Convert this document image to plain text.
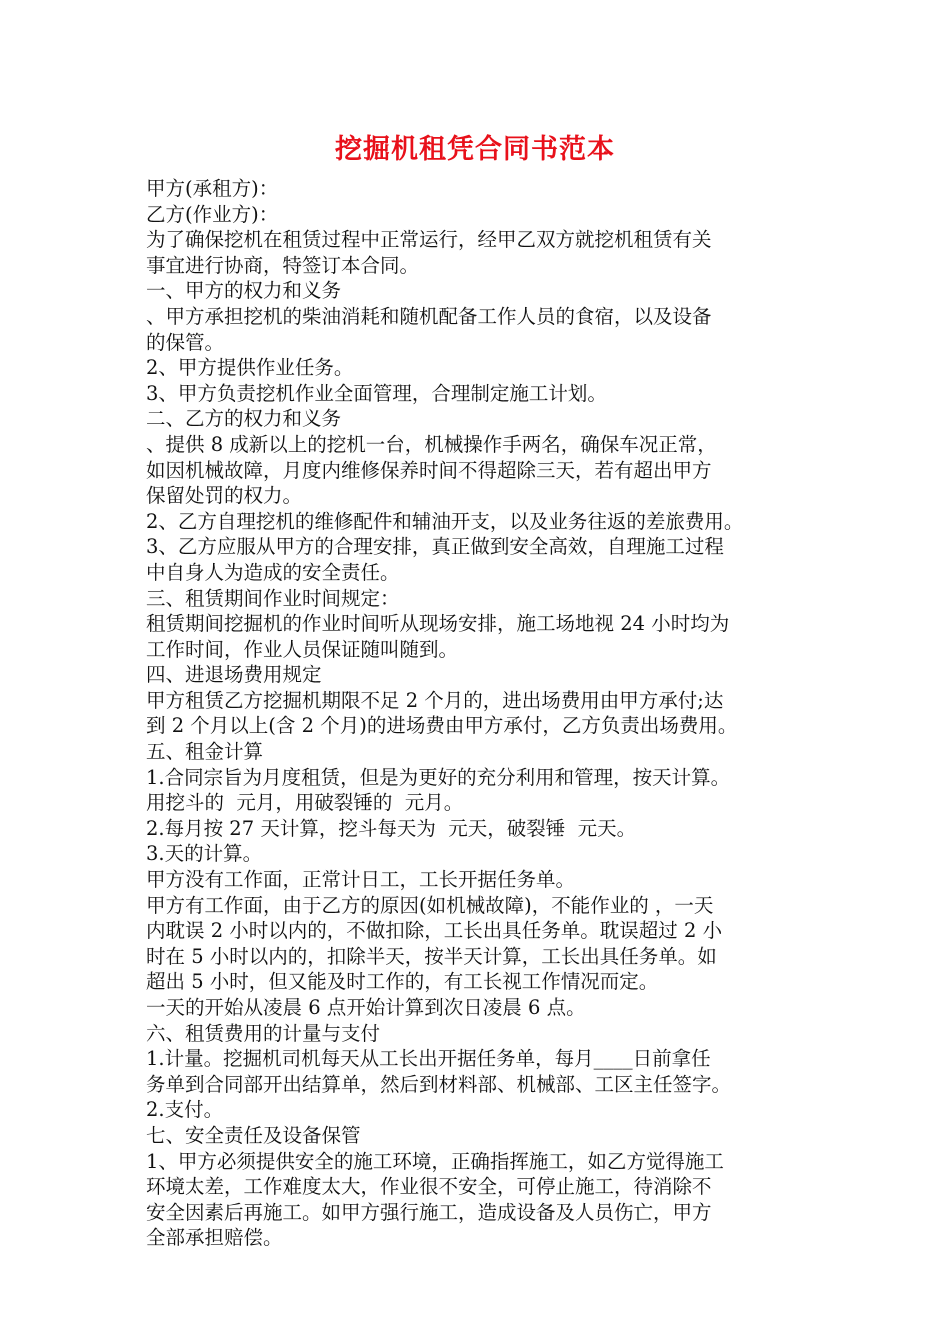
挖掘机租凭合同书范本
甲方(承租方)：
乙方(作业方)：
为了确保挖机在租赁过程中正常运行，经甲乙双方就挖机租赁有关
事宜进行协商，特签订本合同。
一、甲方的权力和义务
、甲方承担挖机的柴油消耗和随机配备工作人员的食宿，以及设备
的保管。
2、甲方提供作业任务。
3、甲方负责挖机作业全面管理，合理制定施工计划。
二、乙方的权力和义务
、提供 8 成新以上的挖机一台，机械操作手两名，确保车况正常，
如因机械故障，月度内维修保养时间不得超除三天，若有超出甲方
保留处罚的权力。
2、乙方自理挖机的维修配件和辅油开支，以及业务往返的差旅费用。
3、乙方应服从甲方的合理安排，真正做到安全高效，自理施工过程
中自身人为造成的安全责任。
三、租赁期间作业时间规定：
租赁期间挖掘机的作业时间听从现场安排，施工场地视 24 小时均为
工作时间，作业人员保证随叫随到。
四、进退场费用规定
甲方租赁乙方挖掘机期限不足 2 个月的，进出场费用由甲方承付;达
到 2 个月以上(含 2 个月)的进场费由甲方承付，乙方负责出场费用。
五、租金计算
1.合同宗旨为月度租赁，但是为更好的充分利用和管理，按天计算。
用挖斗的  元月，用破裂锤的  元月。
2.每月按 27 天计算，挖斗每天为  元天，破裂锤  元天。
3.天的计算。
甲方没有工作面，正常计日工，工长开据任务单。
甲方有工作面，由于乙方的原因(如机械故障)，不能作业的 ，一天
内耽误 2 小时以内的，不做扣除，工长出具任务单。耽误超过 2 小
时在 5 小时以内的，扣除半天，按半天计算，工长出具任务单。如
超出 5 小时，但又能及时工作的，有工长视工作情况而定。
一天的开始从凌晨 6 点开始计算到次日凌晨 6 点。
六、租赁费用的计量与支付
1.计量。挖掘机司机每天从工长出开据任务单，每月____日前拿任
务单到合同部开出结算单，然后到材料部、机械部、工区主任签字。
2.支付。
七、安全责任及设备保管
1、甲方必须提供安全的施工环境，正确指挥施工，如乙方觉得施工
环境太差，工作难度太大，作业很不安全，可停止施工，待消除不
安全因素后再施工。如甲方强行施工，造成设备及人员伤亡，甲方
全部承担赔偿。
